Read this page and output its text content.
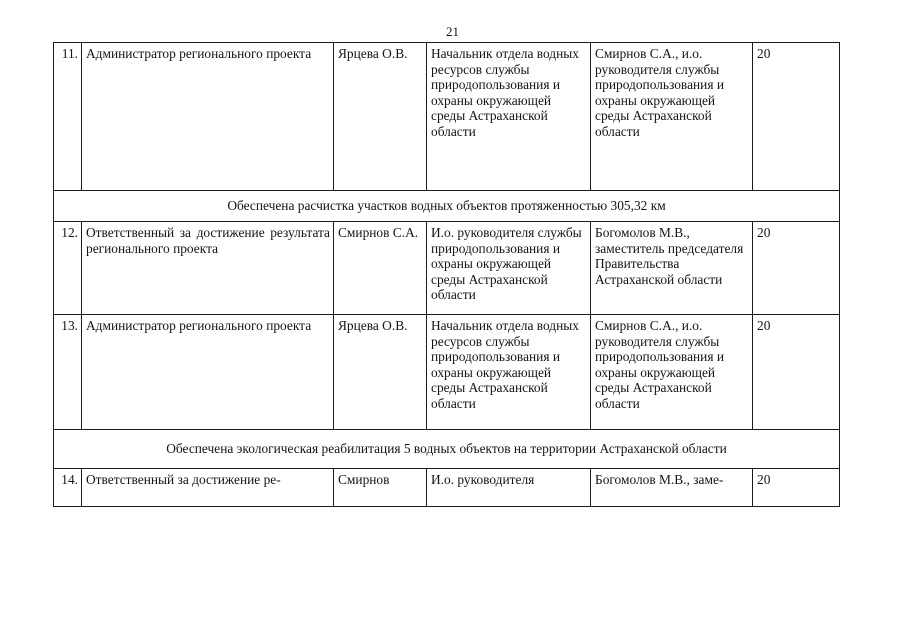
21
11.	Администратор регионального проекта	Ярцева О.В.	Начальник отдела водных ресурсов службы природопользования и охраны окружающей среды Астраханской области	Смирнов С.А., и.о. руководителя службы природопользования и охраны окружающей среды Астраханской области	20
Обеспечена расчистка участков водных объектов протяженностью 305,32 км					
12.	Ответственный за достижение результата регионального проекта	Смирнов С.А.	И.о. руководителя службы природопользования и охраны окружающей среды Астраханской области	Богомолов М.В., заместитель председателя Правительства Астраханской области	20
13.	Администратор регионального проекта	Ярцева О.В.	Начальник отдела водных ресурсов службы природопользования и охраны окружающей среды Астраханской области	Смирнов С.А., и.о. руководителя службы природопользования и охраны окружающей среды Астраханской области	20
Обеспечена экологическая реабилитация 5 водных объектов на территории Астраханской области					
14.	Ответственный за достижение ре-	Смирнов	И.о. руководителя	Богомолов М.В., заме-	20
